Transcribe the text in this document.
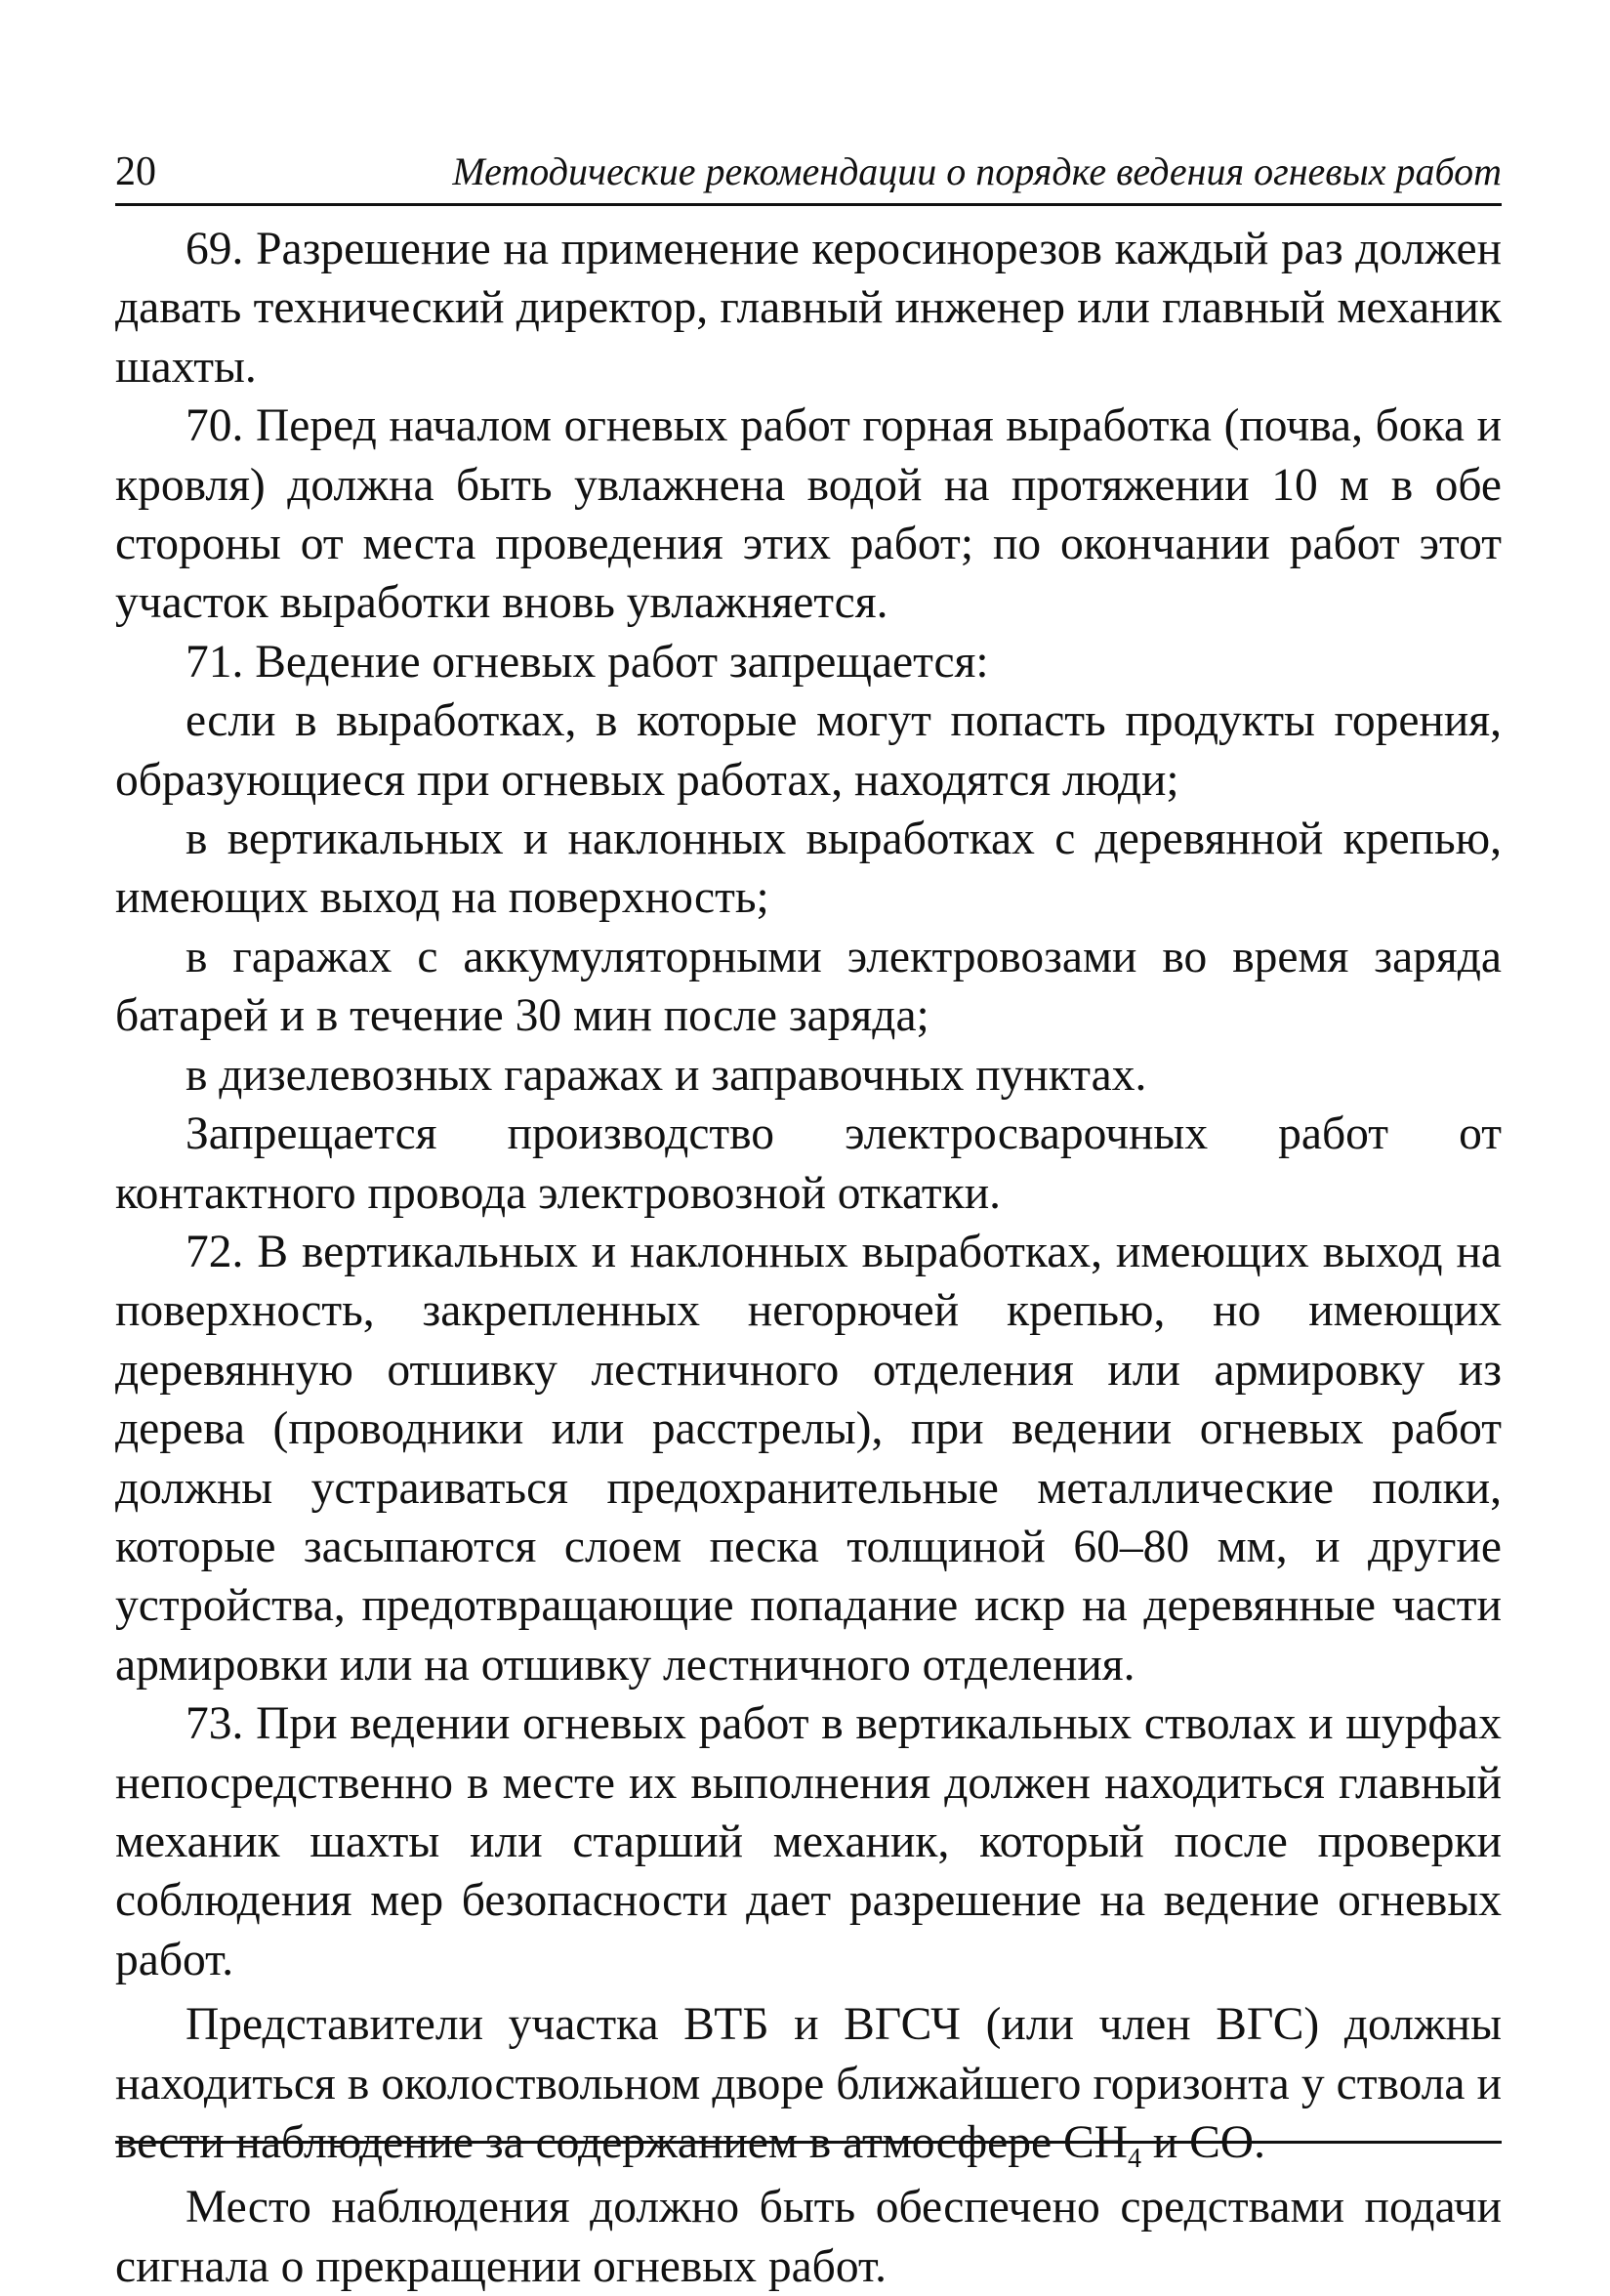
20	Методические рекомендации о порядке ведения огневых работ

69. Разрешение на применение керосинорезов каждый раз должен давать технический директор, главный инженер или главный механик шахты.

70. Перед началом огневых работ горная выработка (почва, бока и кровля) должна быть увлажнена водой на протяжении 10 м в обе стороны от места проведения этих работ; по окончании работ этот участок выработки вновь увлажняется.

71. Ведение огневых работ запрещается:

если в выработках, в которые могут попасть продукты горения, образующиеся при огневых работах, находятся люди;

в вертикальных и наклонных выработках с деревянной крепью, имеющих выход на поверхность;

в гаражах с аккумуляторными электровозами во время заряда батарей и в течение 30 мин после заряда;

в дизелевозных гаражах и заправочных пунктах.

Запрещается производство электросварочных работ от контактного провода электровозной откатки.

72. В вертикальных и наклонных выработках, имеющих выход на поверхность, закрепленных негорючей крепью, но имеющих деревянную отшивку лестничного отделения или армировку из дерева (проводники или расстрелы), при ведении огневых работ должны устраиваться предохранительные металлические полки, которые засыпаются слоем песка толщиной 60–80 мм, и другие устройства, предотвращающие попадание искр на деревянные части армировки или на отшивку лестничного отделения.

73. При ведении огневых работ в вертикальных стволах и шурфах непосредственно в месте их выполнения должен находиться главный механик шахты или старший механик, который после проверки соблюдения мер безопасности дает разрешение на ведение огневых работ.

Представители участка ВТБ и ВГСЧ (или член ВГС) должны находиться в околоствольном дворе ближайшего горизонта у ствола и вести наблюдение за содержанием в атмосфере $CH_4$ и CO.

Место наблюдения должно быть обеспечено средствами подачи сигнала о прекращении огневых работ.
